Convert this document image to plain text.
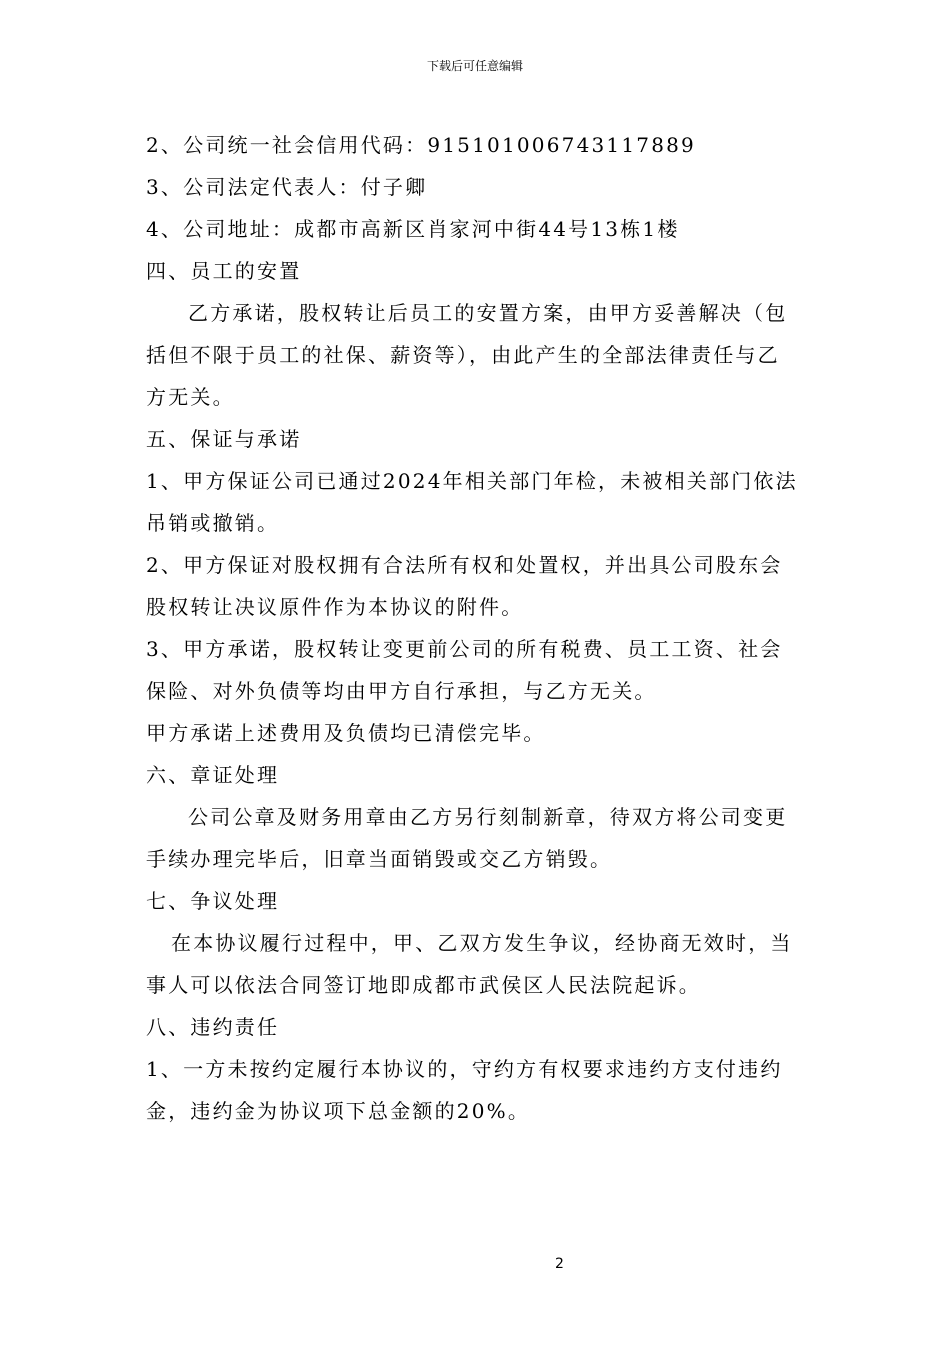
下载后可任意编辑

2、公司统一社会信用代码：915101006743117889

3、公司法定代表人：付子卿

4、公司地址：成都市高新区肖家河中街44号13栋1楼

四、员工的安置

乙方承诺，股权转让后员工的安置方案，由甲方妥善解决（包

括但不限于员工的社保、薪资等），由此产生的全部法律责任与乙

方无关。

五、保证与承诺

1、甲方保证公司已通过2024年相关部门年检，未被相关部门依法

吊销或撤销。

2、甲方保证对股权拥有合法所有权和处置权，并出具公司股东会

股权转让决议原件作为本协议的附件。

3、甲方承诺，股权转让变更前公司的所有税费、员工工资、社会

保险、对外负债等均由甲方自行承担，与乙方无关。

甲方承诺上述费用及负债均已清偿完毕。

六、章证处理

公司公章及财务用章由乙方另行刻制新章，待双方将公司变更

手续办理完毕后，旧章当面销毁或交乙方销毁。

七、争议处理

在本协议履行过程中，甲、乙双方发生争议，经协商无效时，当

事人可以依法合同签订地即成都市武侯区人民法院起诉。

八、违约责任

1、一方未按约定履行本协议的，守约方有权要求违约方支付违约

金，违约金为协议项下总金额的20%。

2
